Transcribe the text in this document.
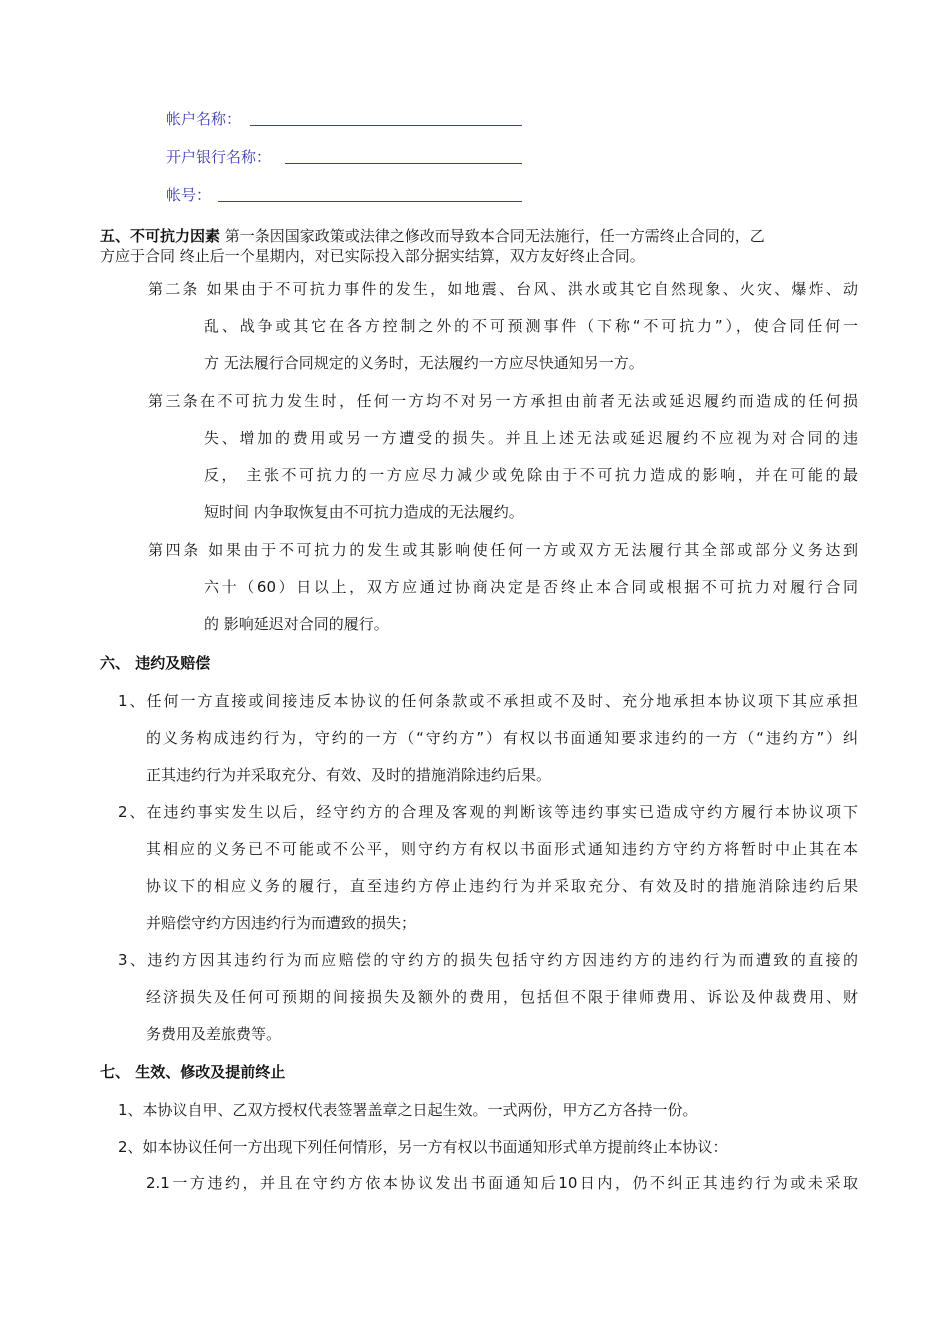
帐户名称：
开户银行名称：
帐号：
五、不可抗力因素 第一条因国家政策或法律之修改而导致本合同无法施行，任一方需终止合同的，乙
方应于合同 终止后一个星期内，对已实际投入部分据实结算，双方友好终止合同。
第二条 如果由于不可抗力事件的发生，如地震、台风、洪水或其它自然现象、火灾、爆炸、动
乱、战争或其它在各方控制之外的不可预测事件（下称“不可抗力”），使合同任何一
方 无法履行合同规定的义务时，无法履约一方应尽快通知另一方。
第三条在不可抗力发生时，任何一方均不对另一方承担由前者无法或延迟履约而造成的任何损
失、增加的费用或另一方遭受的损失。并且上述无法或延迟履约不应视为对合同的违
反， 主张不可抗力的一方应尽力减少或免除由于不可抗力造成的影响，并在可能的最
短时间 内争取恢复由不可抗力造成的无法履约。
第四条 如果由于不可抗力的发生或其影响使任何一方或双方无法履行其全部或部分义务达到
六十（60）日以上，双方应通过协商决定是否终止本合同或根据不可抗力对履行合同
的 影响延迟对合同的履行。
六、 违约及赔偿
1、任何一方直接或间接违反本协议的任何条款或不承担或不及时、充分地承担本协议项下其应承担
的义务构成违约行为，守约的一方（“守约方”）有权以书面通知要求违约的一方（“违约方”）纠
正其违约行为并采取充分、有效、及时的措施消除违约后果。
2、在违约事实发生以后，经守约方的合理及客观的判断该等违约事实已造成守约方履行本协议项下
其相应的义务已不可能或不公平，则守约方有权以书面形式通知违约方守约方将暂时中止其在本
协议下的相应义务的履行，直至违约方停止违约行为并采取充分、有效及时的措施消除违约后果
并赔偿守约方因违约行为而遭致的损失；
3、违约方因其违约行为而应赔偿的守约方的损失包括守约方因违约方的违约行为而遭致的直接的
经济损失及任何可预期的间接损失及额外的费用，包括但不限于律师费用、诉讼及仲裁费用、财
务费用及差旅费等。
七、 生效、修改及提前终止
1、本协议自甲、乙双方授权代表签署盖章之日起生效。一式两份，甲方乙方各持一份。
2、如本协议任何一方出现下列任何情形，另一方有权以书面通知形式单方提前终止本协议：
2.1一方违约，并且在守约方依本协议发出书面通知后10日内，仍不纠正其违约行为或未采取
